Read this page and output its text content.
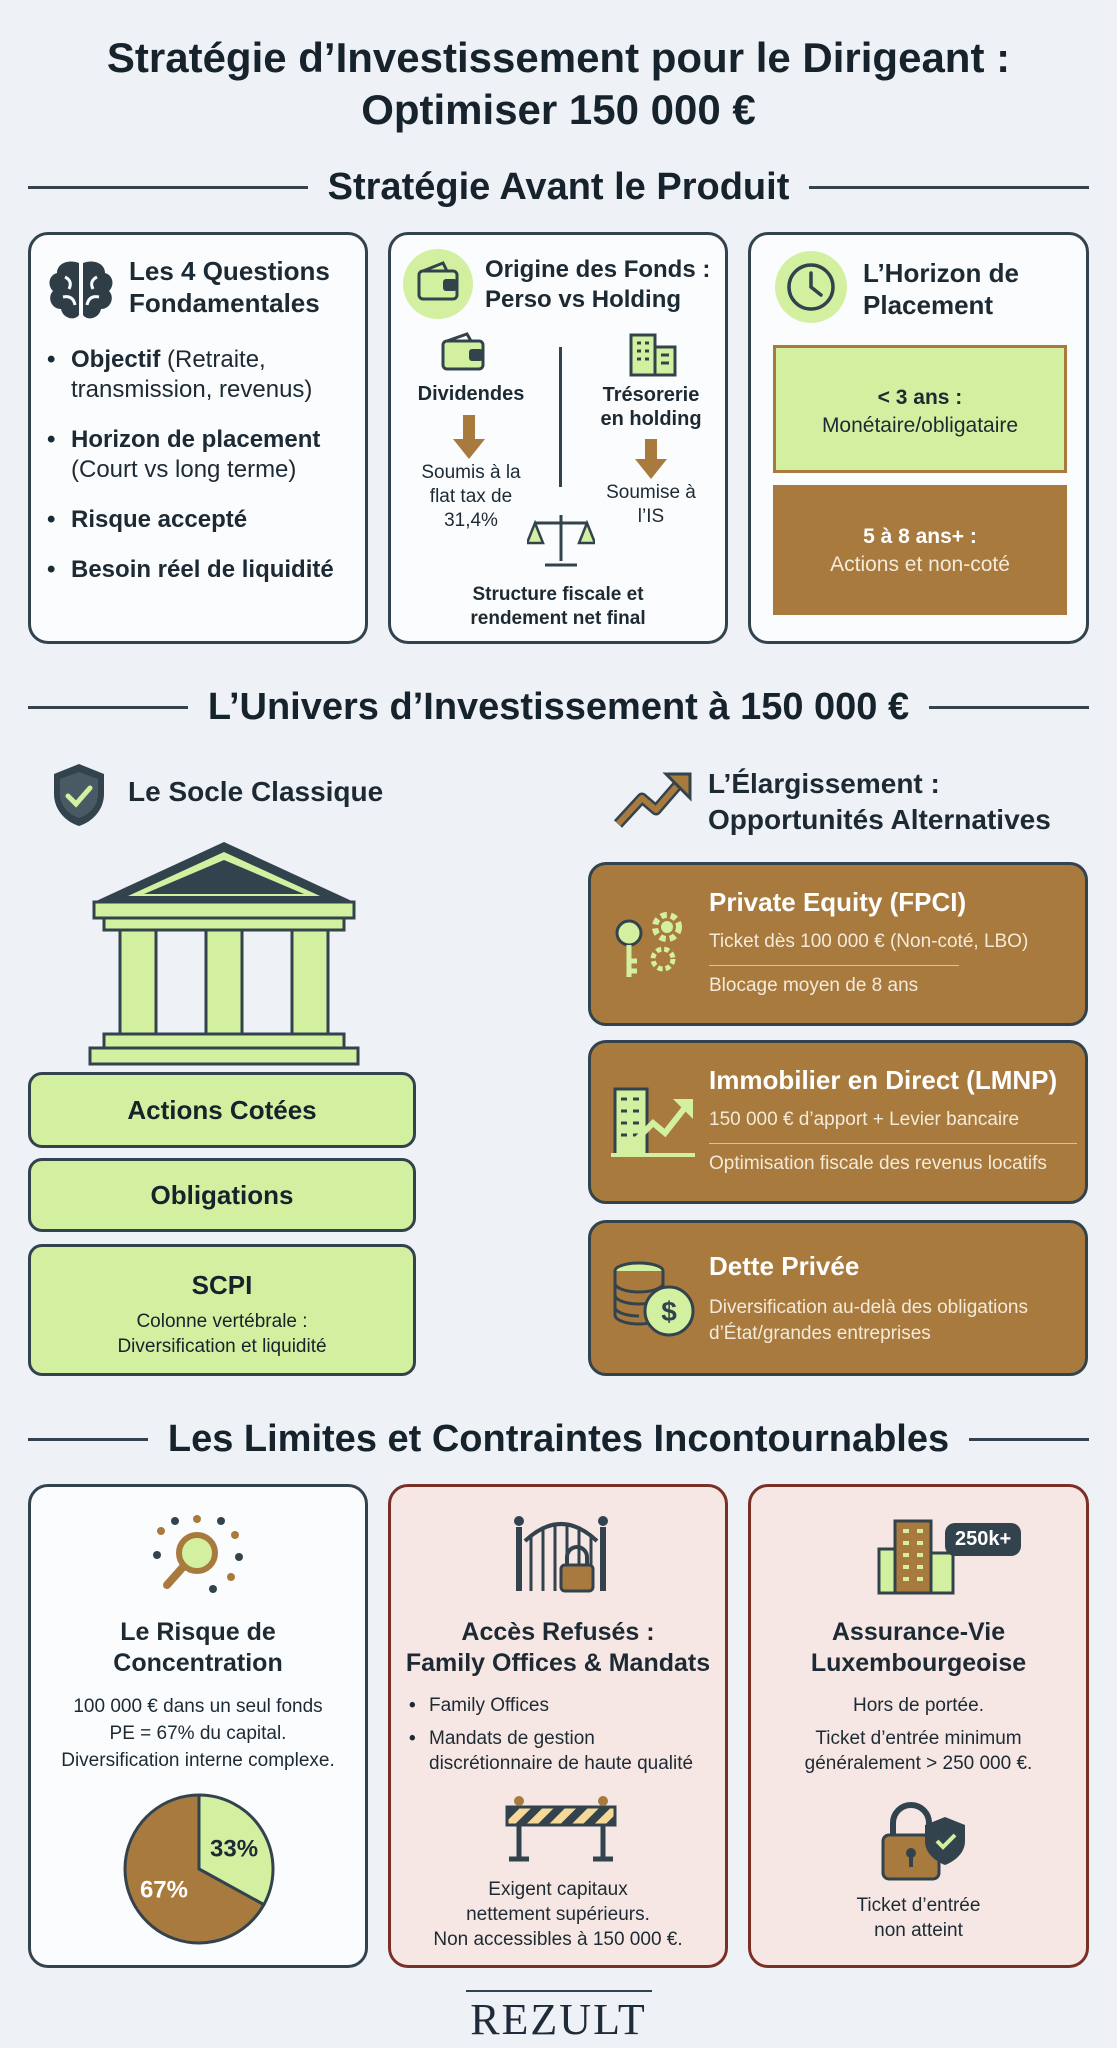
Stratégie d’Investissement pour le Dirigeant :
Optimiser 150 000 €
Stratégie Avant le Produit
Les 4 Questions
Fondamentales
• Objectif (Retraite,
transmission, revenus)
• Horizon de placement
(Court vs long terme)
• Risque accepté
• Besoin réel de liquidité
Origine des Fonds :
Perso vs Holding
Dividendes
Soumis à la
flat tax de
31,4%
Trésorerie
en holding
Soumise à
l’IS
Structure fiscale et
rendement net final
L’Horizon de
Placement
< 3 ans :
Monétaire/obligataire
5 à 8 ans+ :
Actions et non-coté
L’Univers d’Investissement à 150 000 €
Le Socle Classique
Actions Cotées
Obligations
SCPI
Colonne vertébrale :
Diversification et liquidité
L’Élargissement :
Opportunités Alternatives
Private Equity (FPCI)
Ticket dès 100 000 € (Non-coté, LBO)
Blocage moyen de 8 ans
Immobilier en Direct (LMNP)
150 000 € d’apport + Levier bancaire
Optimisation fiscale des revenus locatifs
$
Dette Privée
Diversification au-delà des obligations
d’État/grandes entreprises
Les Limites et Contraintes Incontournables
Le Risque de
Concentration
100 000 € dans un seul fonds
PE = 67% du capital.
Diversification interne complexe.
33%
67%
Accès Refusés :
Family Offices & Mandats
• Family Offices
• Mandats de gestion
discrétionnaire de haute qualité
Exigent capitaux
nettement supérieurs.
Non accessibles à 150 000 €.
250k+
Assurance-Vie
Luxembourgeoise
Hors de portée.
Ticket d’entrée minimum
généralement > 250 000 €.
Ticket d’entrée
non atteint
REZULT
